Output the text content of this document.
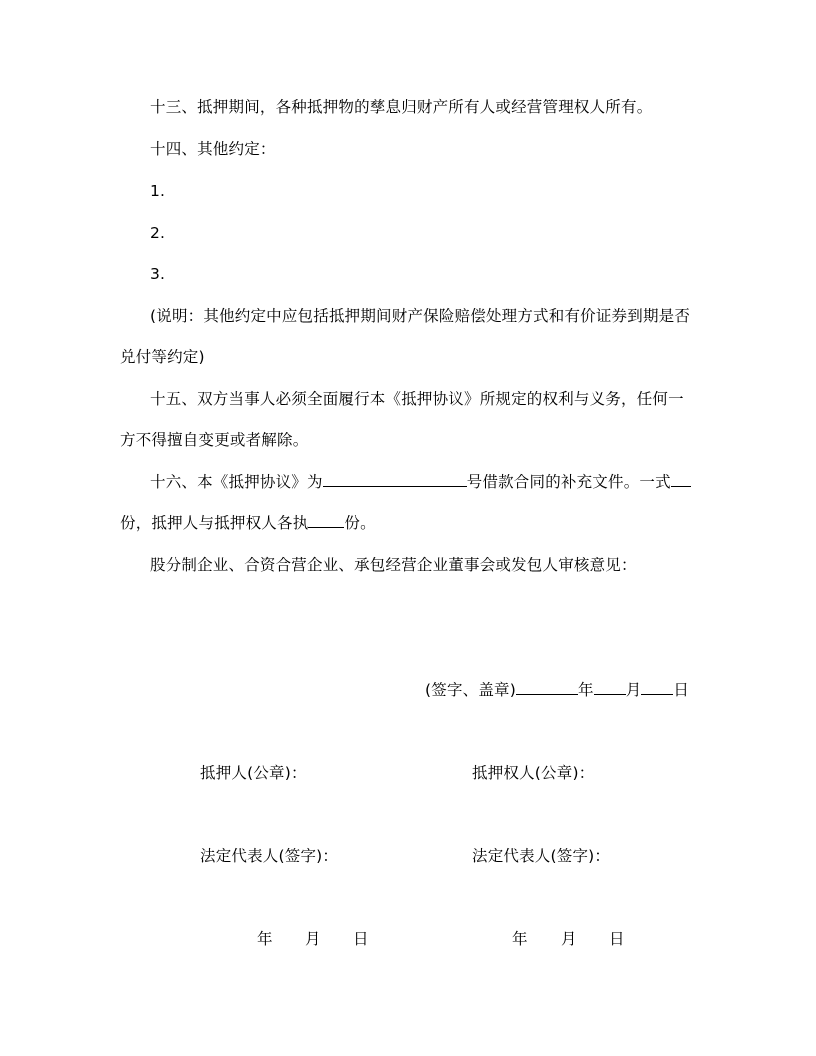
十三、抵押期间，各种抵押物的孳息归财产所有人或经营管理权人所有。
十四、其他约定：
1.
2.
3.
(说明：其他约定中应包括抵押期间财产保险赔偿处理方式和有价证券到期是否
兑付等约定)
十五、双方当事人必须全面履行本《抵押协议》所规定的权利与义务，任何一
方不得擅自变更或者解除。
十六、本《抵押协议》为	号借款合同的补充文件。一式
份，抵押人与抵押权人各执 份。
股分制企业、合资合营企业、承包经营企业董事会或发包人审核意见：
(签字、盖章)	年 月 日
抵押人(公章)：	抵押权人(公章)：
法定代表人(签字)：	法定代表人(签字)：
年 月 日	年 月 日
